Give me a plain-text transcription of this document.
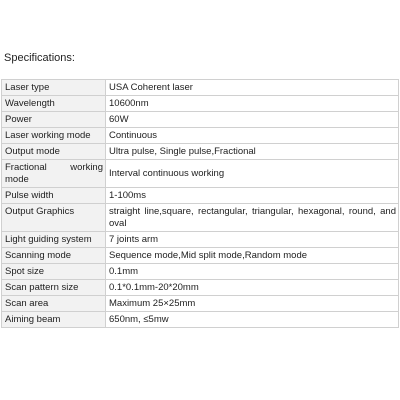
Specifications:
Laser type	USA Coherent laser
Wavelength	10600nm
Power	60W
Laser working mode	Continuous
Output mode	Ultra pulse, Single pulse,Fractional

Fractional working
mode	Interval continuous working
Pulse width	1-100ms
Output Graphics	straight line,square, rectangular, triangular, hexagonal, round, and oval
Light guiding system	7 joints arm
Scanning mode	Sequence mode,Mid split mode,Random mode
Spot size	0.1mm
Scan pattern size	0.1*0.1mm-20*20mm
Scan area	Maximum 25×25mm
Aiming beam	650nm, ≤5mw
